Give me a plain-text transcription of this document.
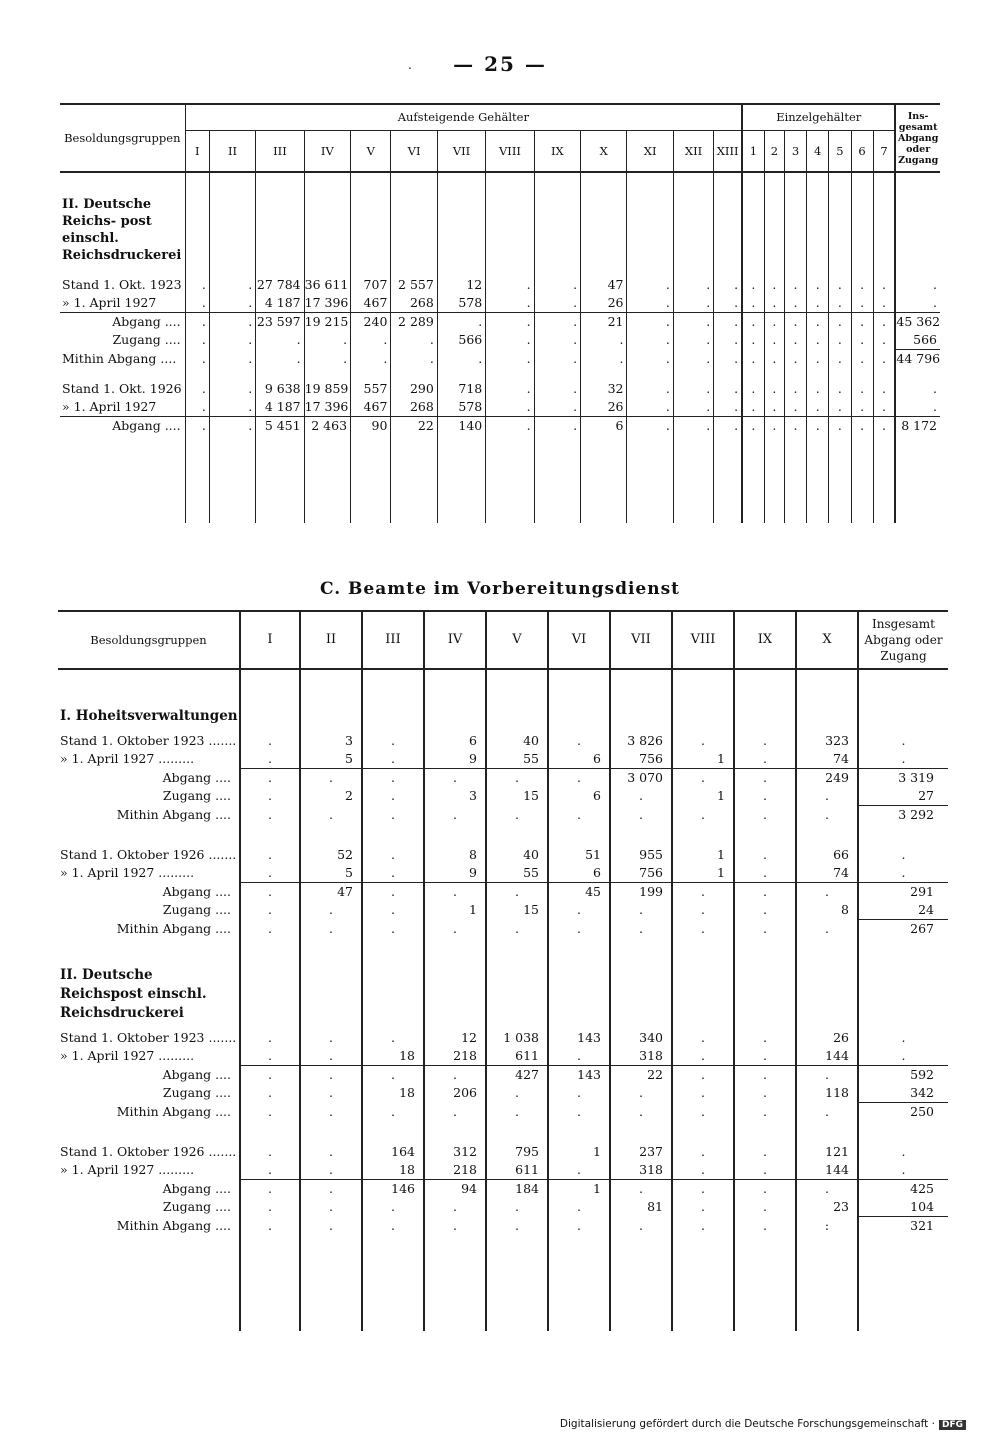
.	— 25 —
Besoldungsgruppen	Aufsteigende Gehälter													Einzelgehälter							Ins- gesamt Abgang oder Zugang
	I	II	III	IV	V	VI	VII	VIII	IX	X	XI	XII	XIII	1	2	3	4	5	6	7	

II. Deutsche Reichs- post einschl. Reichsdruckerei																					
Stand 1. Okt. 1923	.	.	27 784	36 611	707	2 557	12	.	.	47	.	.	.	.	.	.	.	.	.	.	.
» 1. April 1927	.	.	4 187	17 396	467	268	578	.	.	26	.	.	.	.	.	.	.	.	.	.	.
Abgang ....	.	.	23 597	19 215	240	2 289	.	.	.	21	.	.	.	.	.	.	.	.	.	.	45 362
Zugang ....	.	.	.	.	.	.	566	.	.	.	.	.	.	.	.	.	.	.	.	.	566
Mithin Abgang ....	.	.	.	.	.	.	.	.	.	.	.	.	.	.	.	.	.	.	.	.	44 796

Stand 1. Okt. 1926	.	.	9 638	19 859	557	290	718	.	.	32	.	.	.	.	.	.	.	.	.	.	.
» 1. April 1927	.	.	4 187	17 396	467	268	578	.	.	26	.	.	.	.	.	.	.	.	.	.	.
Abgang ....	.	.	5 451	2 463	90	22	140	.	.	6	.	.	.	.	.	.	.	.	.	.	8 172

C. Beamte im Vorbereitungsdienst
Besoldungsgruppen	I	II	III	IV	V	VI	VII	VIII	IX	X	Insgesamt Abgang oder Zugang

I. Hoheitsverwaltungen											
Stand 1. Oktober 1923 .......	.	3	.	6	40	.	3 826	.	.	323	.
» 1. April 1927 .........	.	5	.	9	55	6	756	1	.	74	.
Abgang ....	.	.	.	.	.	.	3 070	.	.	249	3 319
Zugang ....	.	2	.	3	15	6	.	1	.	.	27
Mithin Abgang ....	.	.	.	.	.	.	.	.	.	.	3 292

Stand 1. Oktober 1926 .......	.	52	.	8	40	51	955	1	.	66	.
» 1. April 1927 .........	.	5	.	9	55	6	756	1	.	74	.
Abgang ....	.	47	.	.	.	45	199	.	.	.	291
Zugang ....	.	.	.	1	15	.	.	.	.	8	24
Mithin Abgang ....	.	.	.	.	.	.	.	.	.	.	267

II. Deutsche Reichspost einschl. Reichsdruckerei											
Stand 1. Oktober 1923 .......	.	.	.	12	1 038	143	340	.	.	26	.
» 1. April 1927 .........	.	.	18	218	611	.	318	.	.	144	.
Abgang ....	.	.	.	.	427	143	22	.	.	.	592
Zugang ....	.	.	18	206	.	.	.	.	.	118	342
Mithin Abgang ....	.	.	.	.	.	.	.	.	.	.	250

Stand 1. Oktober 1926 .......	.	.	164	312	795	1	237	.	.	121	.
» 1. April 1927 .........	.	.	18	218	611	.	318	.	.	144	.
Abgang ....	.	.	146	94	184	1	.	.	.	.	425
Zugang ....	.	.	.	.	.	.	81	.	.	23	104
Mithin Abgang ....	.	.	.	.	.	.	.	.	.	:	321

Digitalisierung gefördert durch die Deutsche Forschungsgemeinschaft · DFG
